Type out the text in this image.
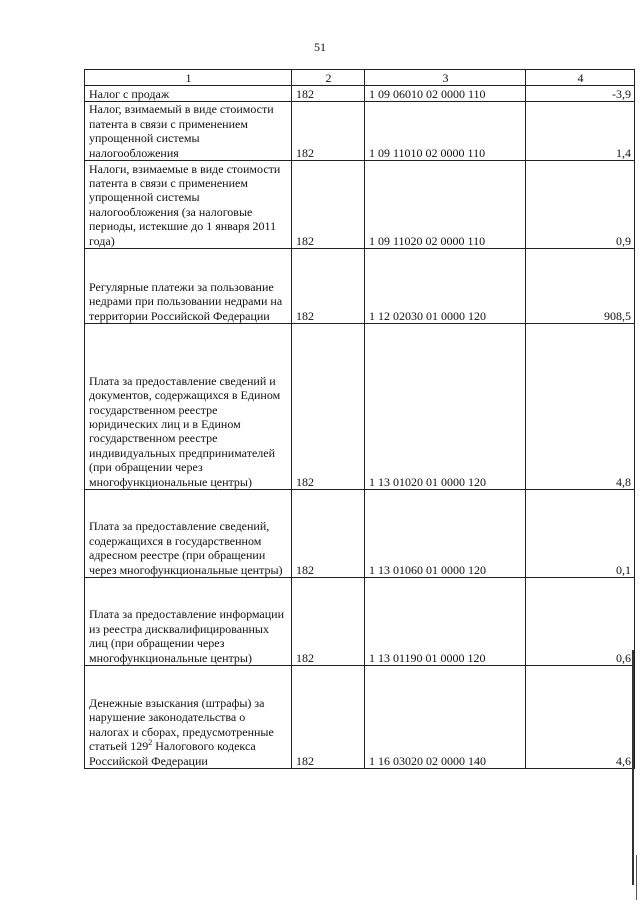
51
1	2	3	4
Налог с продаж	182	1 09 06010 02 0000 110	-3,9
Налог, взимаемый в виде стоимости патента в связи с применением упрощенной системы налогообложения	182	1 09 11010 02 0000 110	1,4
Налоги, взимаемые в виде стоимости патента в связи с применением упрощенной системы налогообложения (за налоговые периоды, истекшие до 1 января 2011 года)	182	1 09 11020 02 0000 110	0,9
Регулярные платежи за пользование недрами при пользовании недрами на территории Российской Федерации	182	1 12 02030 01 0000 120	908,5
Плата за предоставление сведений и документов, содержащихся в Едином государственном реестре юридических лиц и в Едином государственном реестре индивидуальных предпринимателей (при обращении через многофункциональные центры)	182	1 13 01020 01 0000 120	4,8
Плата за предоставление сведений, содержащихся в государственном адресном реестре (при обращении через многофункциональные центры)	182	1 13 01060 01 0000 120	0,1
Плата за предоставление информации из реестра дисквалифицированных лиц (при обращении через многофункциональные центры)	182	1 13 01190 01 0000 120	0,6
Денежные взыскания (штрафы) за нарушение законодательства о налогах и сборах, предусмотренные статьей $129^2$ Налогового кодекса Российской Федерации	182	1 16 03020 02 0000 140	4,6
